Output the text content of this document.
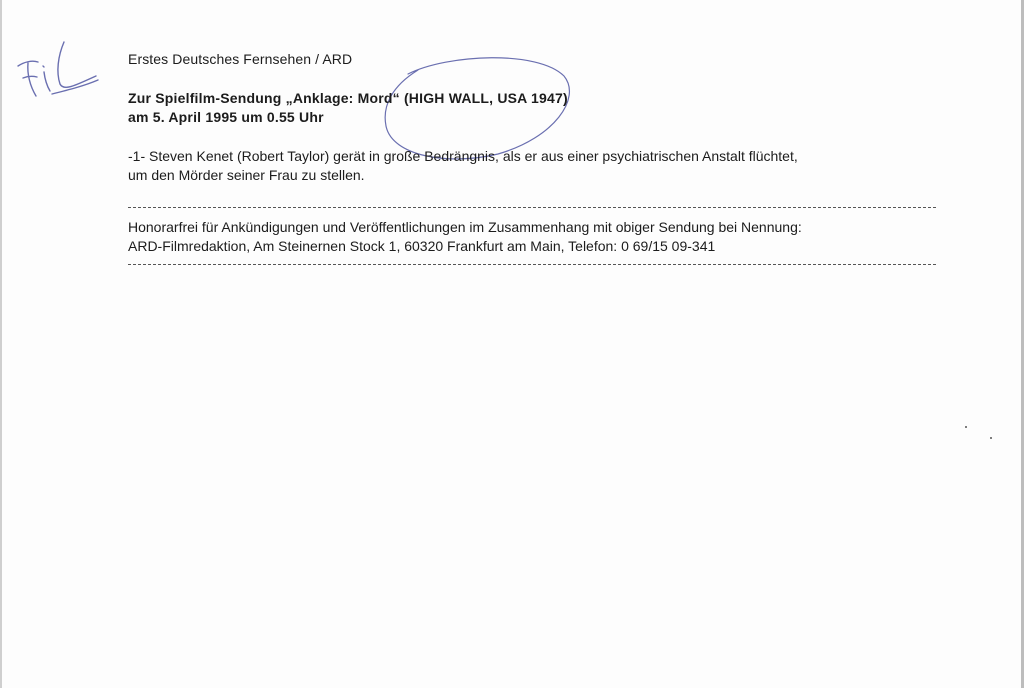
Erstes Deutsches Fernsehen / ARD
Zur Spielfilm-Sendung „Anklage: Mord“ (HIGH WALL, USA 1947)
am 5. April 1995 um 0.55 Uhr
-1- Steven Kenet (Robert Taylor) gerät in große Bedrängnis, als er aus einer psychiatrischen Anstalt flüchtet,
um den Mörder seiner Frau zu stellen.
Honorarfrei für Ankündigungen und Veröffentlichungen im Zusammenhang mit obiger Sendung bei Nennung:
ARD-Filmredaktion, Am Steinernen Stock 1, 60320 Frankfurt am Main, Telefon: 0 69/15 09-341
